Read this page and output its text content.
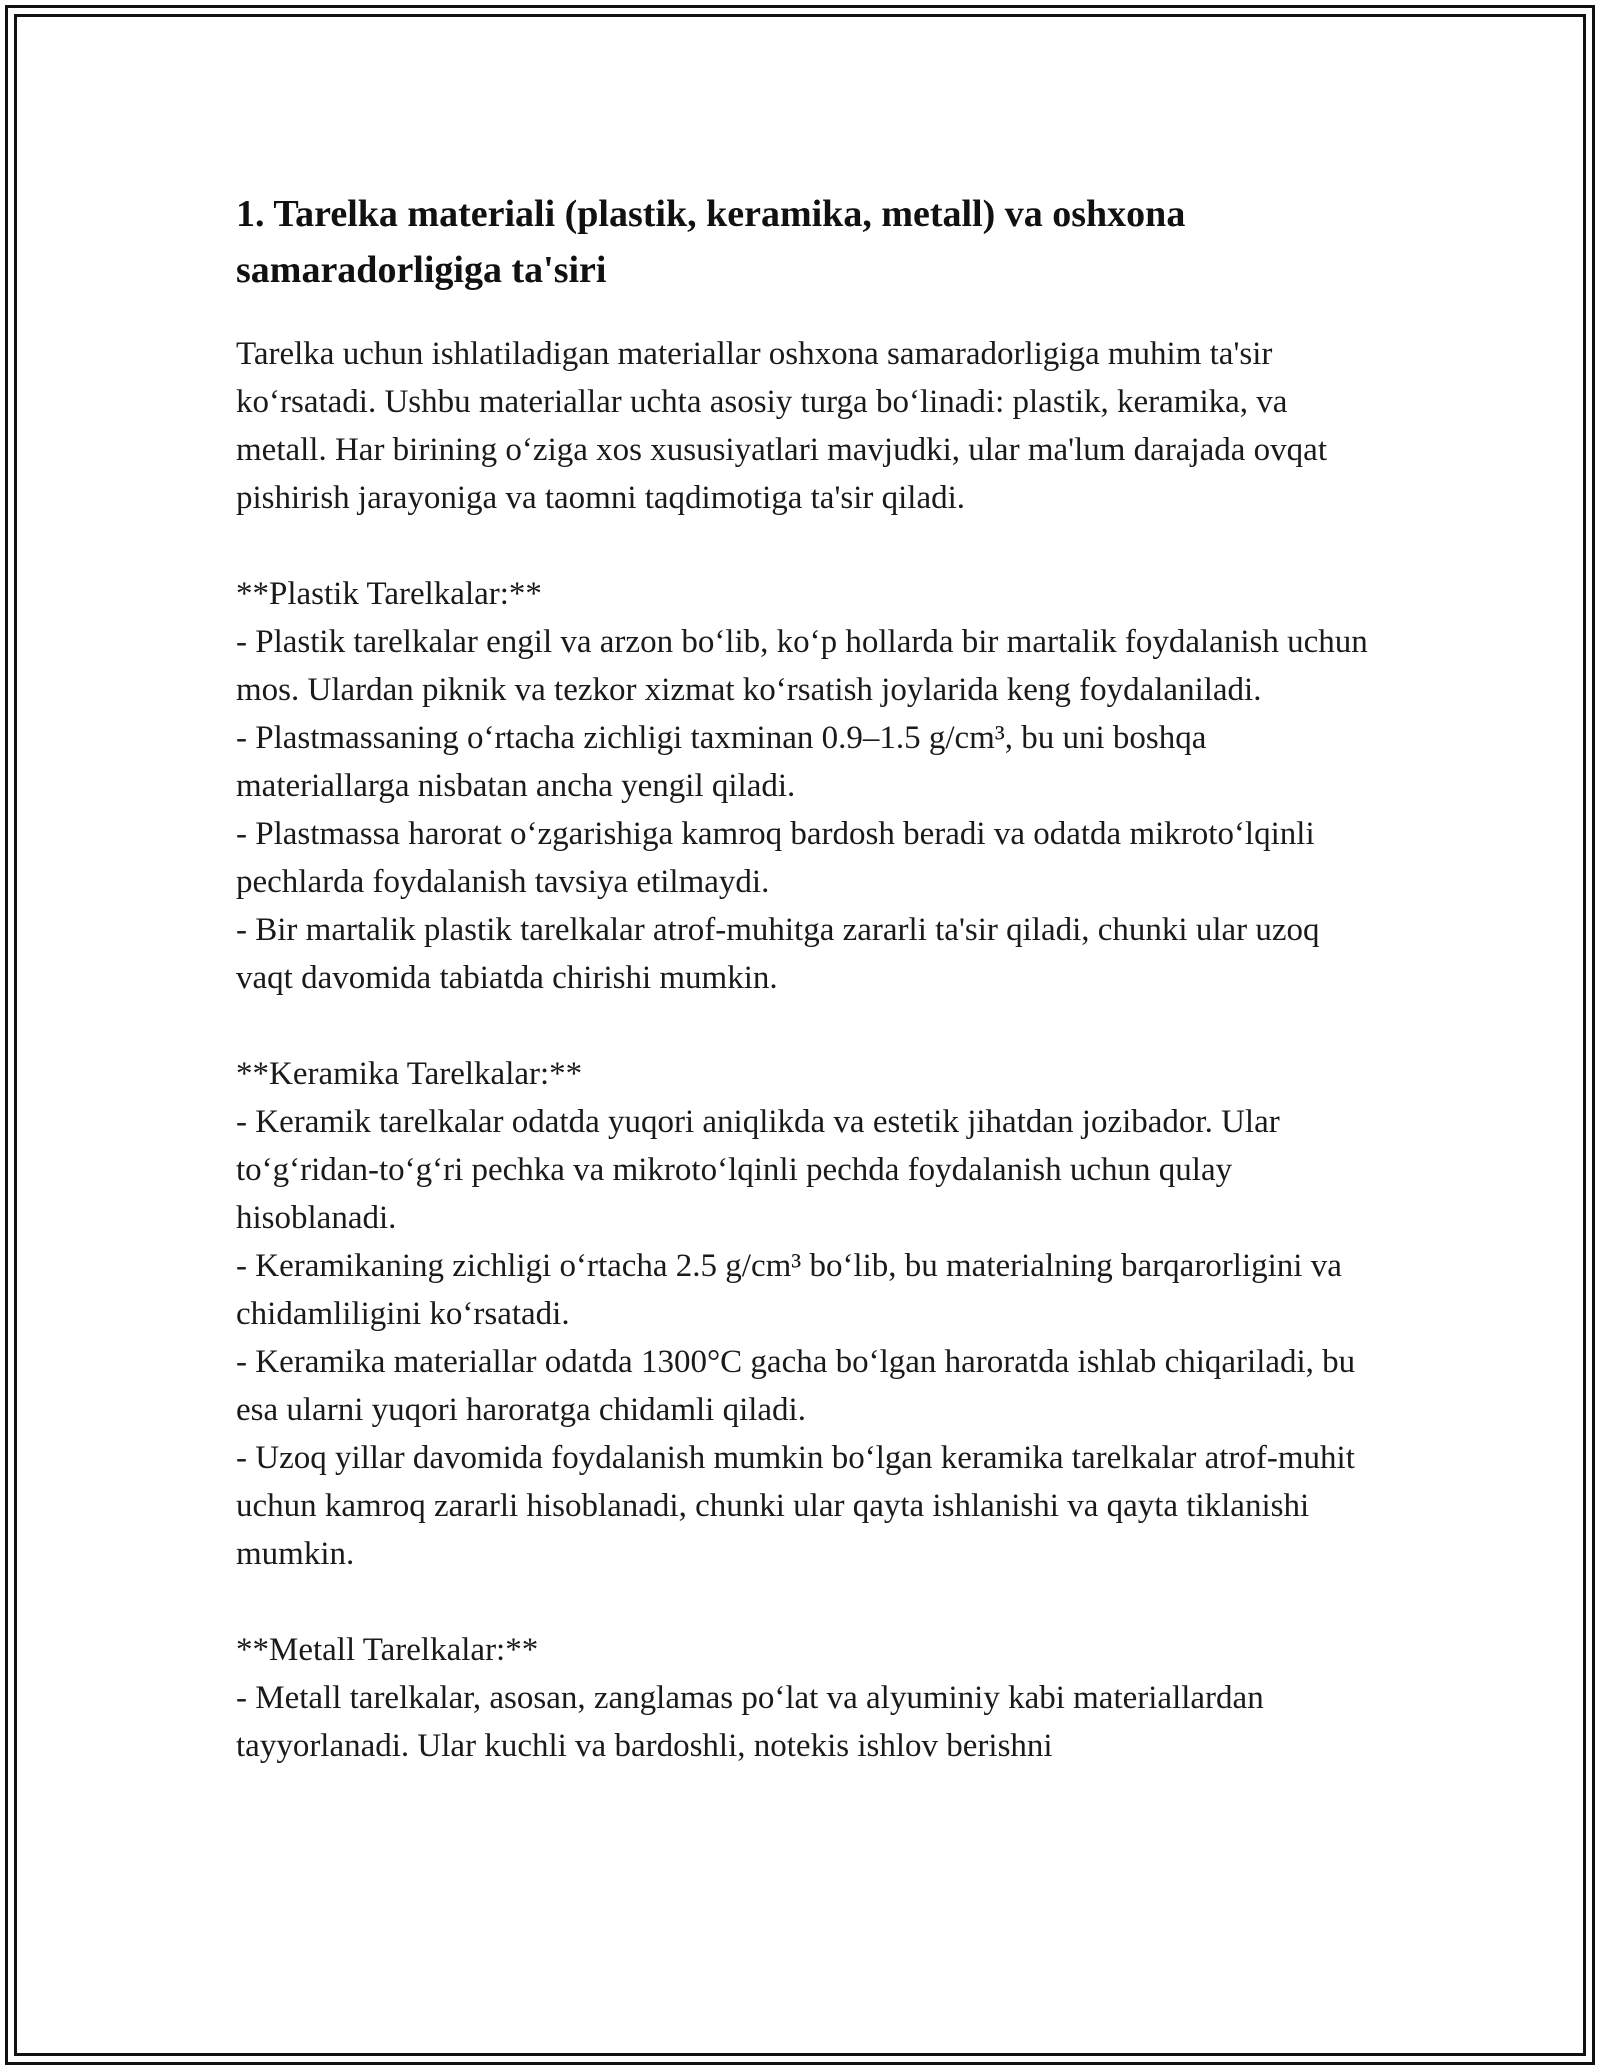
1. Tarelka materiali (plastik, keramika, metall) va oshxona samaradorligiga ta'siri

Tarelka uchun ishlatiladigan materiallar oshxona samaradorligiga muhim ta'sir ko‘rsatadi. Ushbu materiallar uchta asosiy turga bo‘linadi: plastik, keramika, va metall. Har birining o‘ziga xos xususiyatlari mavjudki, ular ma'lum darajada ovqat pishirish jarayoniga va taomni taqdimotiga ta'sir qiladi.

**Plastik Tarelkalar:**
- Plastik tarelkalar engil va arzon bo‘lib, ko‘p hollarda bir martalik foydalanish uchun mos. Ulardan piknik va tezkor xizmat ko‘rsatish joylarida keng foydalaniladi.
- Plastmassaning o‘rtacha zichligi taxminan 0.9–1.5 g/cm³, bu uni boshqa materiallarga nisbatan ancha yengil qiladi.
- Plastmassa harorat o‘zgarishiga kamroq bardosh beradi va odatda mikroto‘lqinli pechlarda foydalanish tavsiya etilmaydi.
- Bir martalik plastik tarelkalar atrof-muhitga zararli ta'sir qiladi, chunki ular uzoq vaqt davomida tabiatda chirishi mumkin.
**Keramika Tarelkalar:**
- Keramik tarelkalar odatda yuqori aniqlikda va estetik jihatdan jozibador. Ular to‘g‘ridan-to‘g‘ri pechka va mikroto‘lqinli pechda foydalanish uchun qulay hisoblanadi.
- Keramikaning zichligi o‘rtacha 2.5 g/cm³ bo‘lib, bu materialning barqarorligini va chidamliligini ko‘rsatadi.
- Keramika materiallar odatda 1300°C gacha bo‘lgan haroratda ishlab chiqariladi, bu esa ularni yuqori haroratga chidamli qiladi.
- Uzoq yillar davomida foydalanish mumkin bo‘lgan keramika tarelkalar atrof-muhit uchun kamroq zararli hisoblanadi, chunki ular qayta ishlanishi va qayta tiklanishi mumkin.
**Metall Tarelkalar:**
- Metall tarelkalar, asosan, zanglamas po‘lat va alyuminiy kabi materiallardan tayyorlanadi. Ular kuchli va bardoshli, notekis ishlov berishni
